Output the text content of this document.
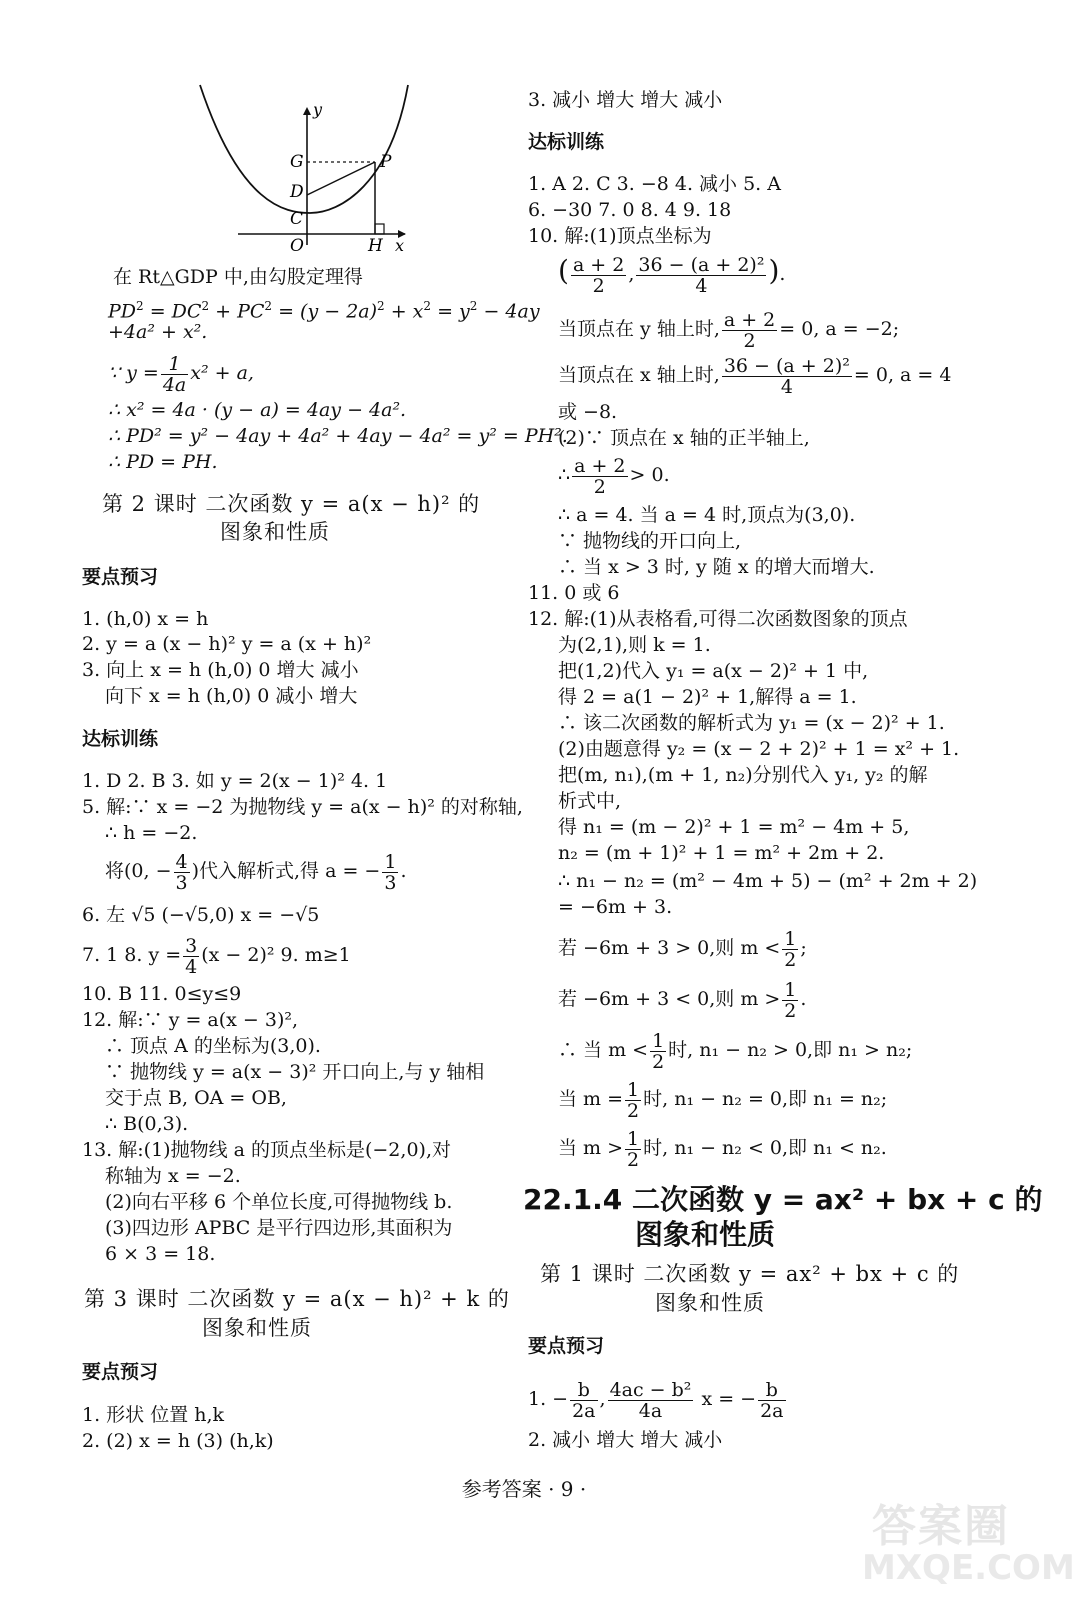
y
x
G
D
C
O	H
P
在 Rt△GDP 中,由勾股定理得
$PD^2 = DC^2 + PC^2 = (y - 2a)^2 + x^2 = y^2 - 4ay$
+4a² + x².
∵ $y = \frac{1}{4a} x^2 + a$,
∴ x² = 4a · (y − a) = 4ay − 4a².
∴ PD² = y² − 4ay + 4a² + 4ay − 4a² = y² = PH².
∴ PD = PH.
第 2 课时 二次函数 y = a(x − h)² 的
图象和性质
要点预习
1. (h,0) x = h
2. y = a (x − h)² y = a (x + h)²
3. 向上 x = h (h,0) 0 增大 减小
向下 x = h (h,0) 0 减小 增大
达标训练
1. D 2. B 3. 如 y = 2(x − 1)² 4. 1
5. 解:∵ x = −2 为抛物线 y = a(x − h)² 的对称轴,
∴ h = −2.
将(0, − $\frac{4}{3}$ )代入解析式,得 a = − $\frac{1}{3}$ .
6. 左 √5 (−√5,0) x = −√5
7. 1 8. $y = \frac{3}{4} (x - 2)^2$ 9. m≥1
10. B 11. 0≤y≤9
12. 解:∵ y = a(x − 3)²,
∴ 顶点 A 的坐标为(3,0).
∵ 抛物线 y = a(x − 3)² 开口向上,与 y 轴相
交于点 B, OA = OB,
∴ B(0,3).
13. 解:(1)抛物线 a 的顶点坐标是(−2,0),对
称轴为 x = −2.
(2)向右平移 6 个单位长度,可得抛物线 b.
(3)四边形 APBC 是平行四边形,其面积为
6 × 3 = 18.
第 3 课时 二次函数 y = a(x − h)² + k 的
图象和性质
要点预习
1. 形状 位置 h,k
2. (2) x = h (3) (h,k)
3. 减小 增大 增大 减小
达标训练
1. A 2. C 3. −8 4. 减小 5. A
6. −30 7. 0 8. 4 9. 18
10. 解:(1)顶点坐标为
( $\frac{a + 2}{2}$ , $\frac{\text{36 − (a + 2)²}}{4}$ ).
当顶点在 y 轴上时, $\frac{a + 2}{2} = 0$, a = −2;
当顶点在 x 轴上时, $\frac{\text{36 − (a + 2)²}}{4} = 0$, a = 4
或 −8.
(2)∵ 顶点在 x 轴的正半轴上,
∴ $\frac{a + 2}{2} > 0$.
∴ a = 4. 当 a = 4 时,顶点为(3,0).
∵ 抛物线的开口向上,
∴ 当 x > 3 时, y 随 x 的增大而增大.
11. 0 或 6
12. 解:(1)从表格看,可得二次函数图象的顶点
为(2,1),则 k = 1.
把(1,2)代入 y₁ = a(x − 2)² + 1 中,
得 2 = a(1 − 2)² + 1,解得 a = 1.
∴ 该二次函数的解析式为 y₁ = (x − 2)² + 1.
(2)由题意得 y₂ = (x − 2 + 2)² + 1 = x² + 1.
把(m, n₁),(m + 1, n₂)分别代入 y₁, y₂ 的解
析式中,
得 n₁ = (m − 2)² + 1 = m² − 4m + 5,
n₂ = (m + 1)² + 1 = m² + 2m + 2.
∴ n₁ − n₂ = (m² − 4m + 5) − (m² + 2m + 2)
= −6m + 3.
若 −6m + 3 > 0,则 $m < \frac{1}{2}$ ;
若 −6m + 3 < 0,则 $m > \frac{1}{2}$ .
∴ 当 $m < \frac{1}{2}$ 时, n₁ − n₂ > 0,即 n₁ > n₂;
当 $m = \frac{1}{2}$ 时, n₁ − n₂ = 0,即 n₁ = n₂;
当 $m > \frac{1}{2}$ 时, n₁ − n₂ < 0,即 n₁ < n₂.
22.1.4 二次函数 y = ax² + bx + c 的
图象和性质
第 1 课时 二次函数 y = ax² + bx + c 的
图象和性质
要点预习
1. − $\frac{b}{2a}$ , $\frac{\text{4ac − b²}}{4a}$ x = − $\frac{b}{2a}$
2. 减小 增大 增大 减小
参考答案 · 9 ·
答案圈
MXQE.COM
